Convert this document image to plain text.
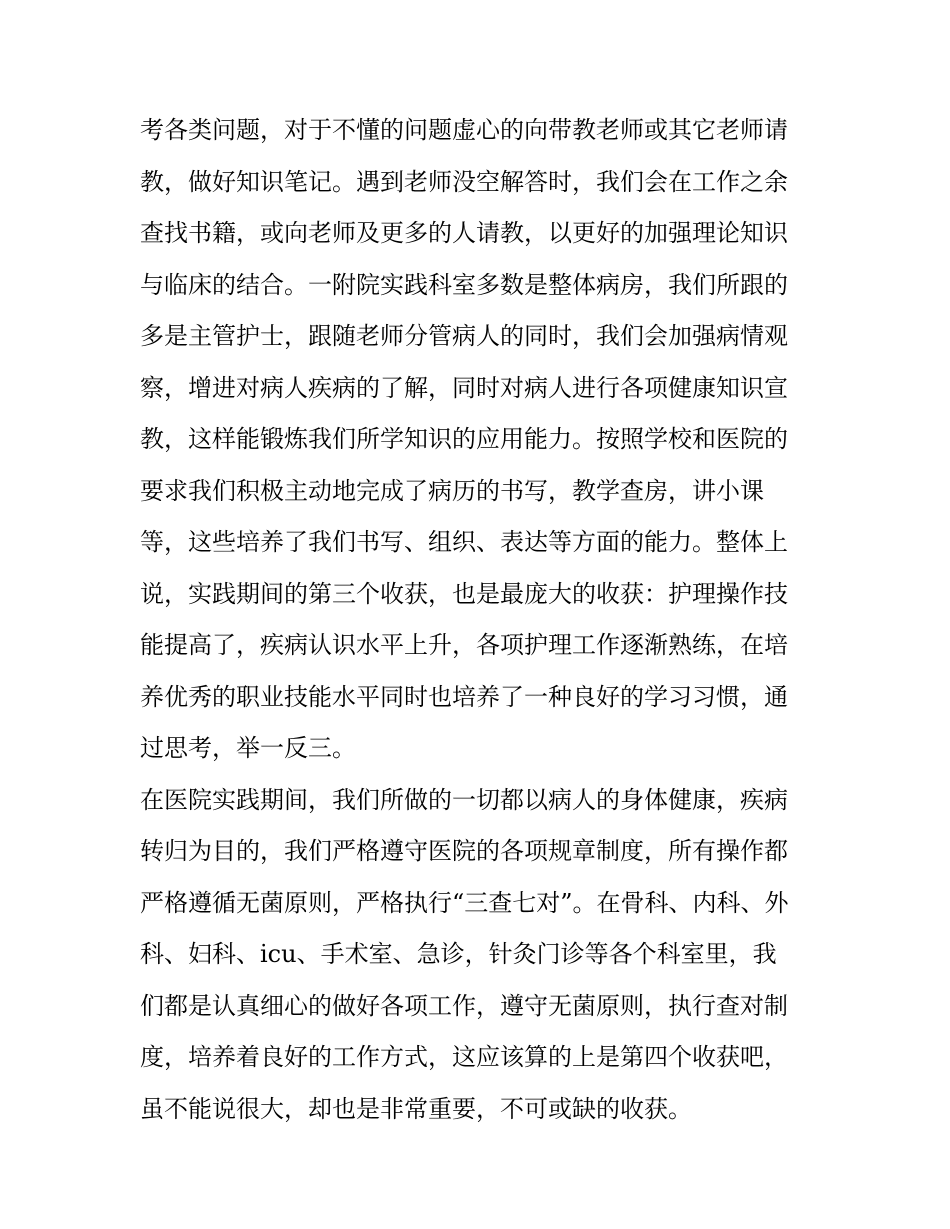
考各类问题，对于不懂的问题虚心的向带教老师或其它老师请
教，做好知识笔记。遇到老师没空解答时，我们会在工作之余
查找书籍，或向老师及更多的人请教，以更好的加强理论知识
与临床的结合。一附院实践科室多数是整体病房，我们所跟的
多是主管护士，跟随老师分管病人的同时，我们会加强病情观
察，增进对病人疾病的了解，同时对病人进行各项健康知识宣
教，这样能锻炼我们所学知识的应用能力。按照学校和医院的
要求我们积极主动地完成了病历的书写，教学查房，讲小课
等，这些培养了我们书写、组织、表达等方面的能力。整体上
说，实践期间的第三个收获，也是最庞大的收获：护理操作技
能提高了，疾病认识水平上升，各项护理工作逐渐熟练，在培
养优秀的职业技能水平同时也培养了一种良好的学习习惯，通
过思考，举一反三。
在医院实践期间，我们所做的一切都以病人的身体健康，疾病
转归为目的，我们严格遵守医院的各项规章制度，所有操作都
严格遵循无菌原则，严格执行“三查七对”。在骨科、内科、外
科、妇科、icu、手术室、急诊，针灸门诊等各个科室里，我
们都是认真细心的做好各项工作，遵守无菌原则，执行查对制
度，培养着良好的工作方式，这应该算的上是第四个收获吧，
虽不能说很大，却也是非常重要，不可或缺的收获。
